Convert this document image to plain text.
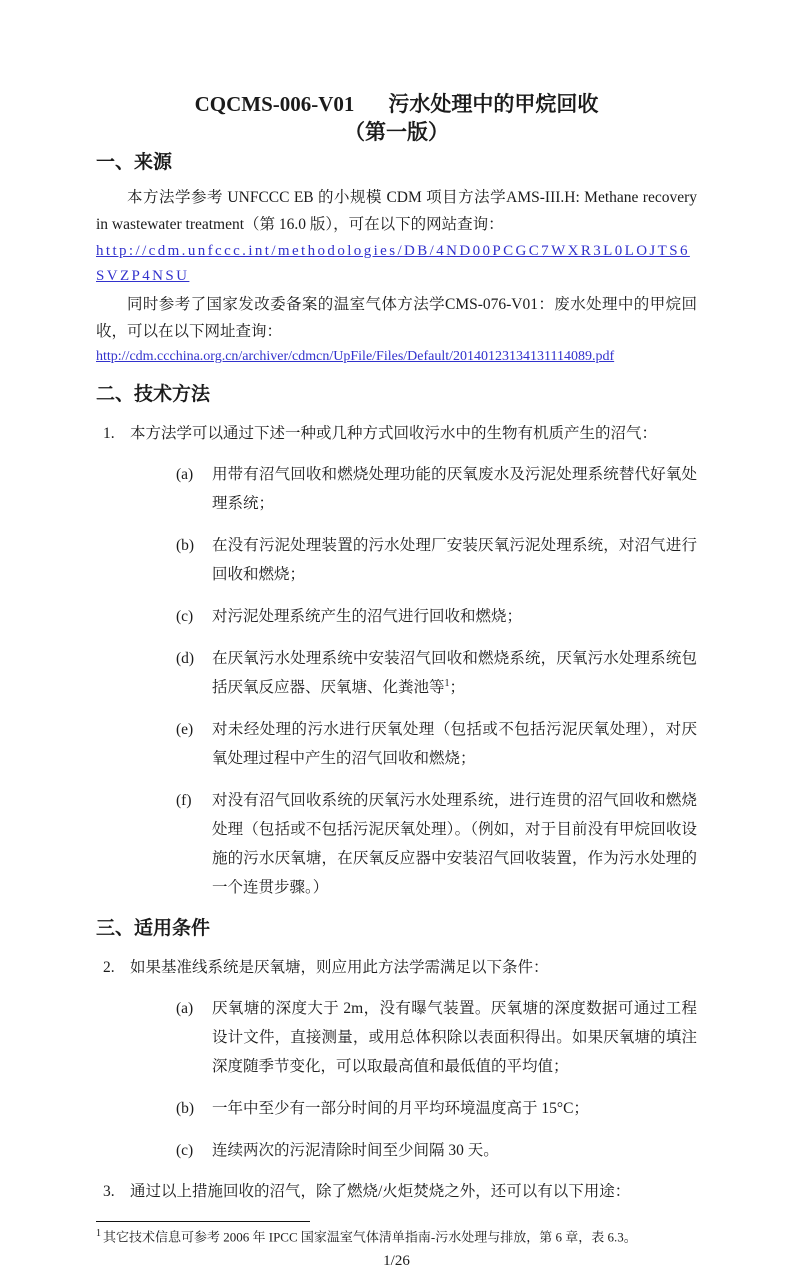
CQCMS-006-V01 污水处理中的甲烷回收
（第一版）
一、来源

本方法学参考 UNFCCC EB 的小规模 CDM 项目方法学AMS-III.H: Methane recovery in wastewater treatment（第 16.0 版），可在以下的网站查询：

http://cdm.unfccc.int/methodologies/DB/4ND00PCGC7WXR3L0LOJTS6SVZP4NSU

同时参考了国家发改委备案的温室气体方法学CMS-076-V01：废水处理中的甲烷回收，可以在以下网址查询：

http://cdm.ccchina.org.cn/archiver/cdmcn/UpFile/Files/Default/20140123134131114089.pdf
二、技术方法
1. 本方法学可以通过下述一种或几种方式回收污水中的生物有机质产生的沼气：
(a) 用带有沼气回收和燃烧处理功能的厌氧废水及污泥处理系统替代好氧处理系统；
(b) 在没有污泥处理装置的污水处理厂安装厌氧污泥处理系统，对沼气进行回收和燃烧；
(c) 对污泥处理系统产生的沼气进行回收和燃烧；
(d) 在厌氧污水处理系统中安装沼气回收和燃烧系统，厌氧污水处理系统包括厌氧反应器、厌氧塘、化粪池等$^1$；
(e) 对未经处理的污水进行厌氧处理（包括或不包括污泥厌氧处理），对厌氧处理过程中产生的沼气回收和燃烧；
(f) 对没有沼气回收系统的厌氧污水处理系统，进行连贯的沼气回收和燃烧处理（包括或不包括污泥厌氧处理）。（例如，对于目前没有甲烷回收设施的污水厌氧塘，在厌氧反应器中安装沼气回收装置，作为污水处理的一个连贯步骤。）
三、适用条件
2. 如果基准线系统是厌氧塘，则应用此方法学需满足以下条件：
(a) 厌氧塘的深度大于 2m，没有曝气装置。厌氧塘的深度数据可通过工程设计文件，直接测量，或用总体积除以表面积得出。如果厌氧塘的填注深度随季节变化，可以取最高值和最低值的平均值；
(b) 一年中至少有一部分时间的月平均环境温度高于 15°C；
(c) 连续两次的污泥清除时间至少间隔 30 天。
3. 通过以上措施回收的沼气，除了燃烧/火炬焚烧之外，还可以有以下用途：
$^1$ 其它技术信息可参考 2006 年 IPCC 国家温室气体清单指南-污水处理与排放，第 6 章，表 6.3。
1/26
